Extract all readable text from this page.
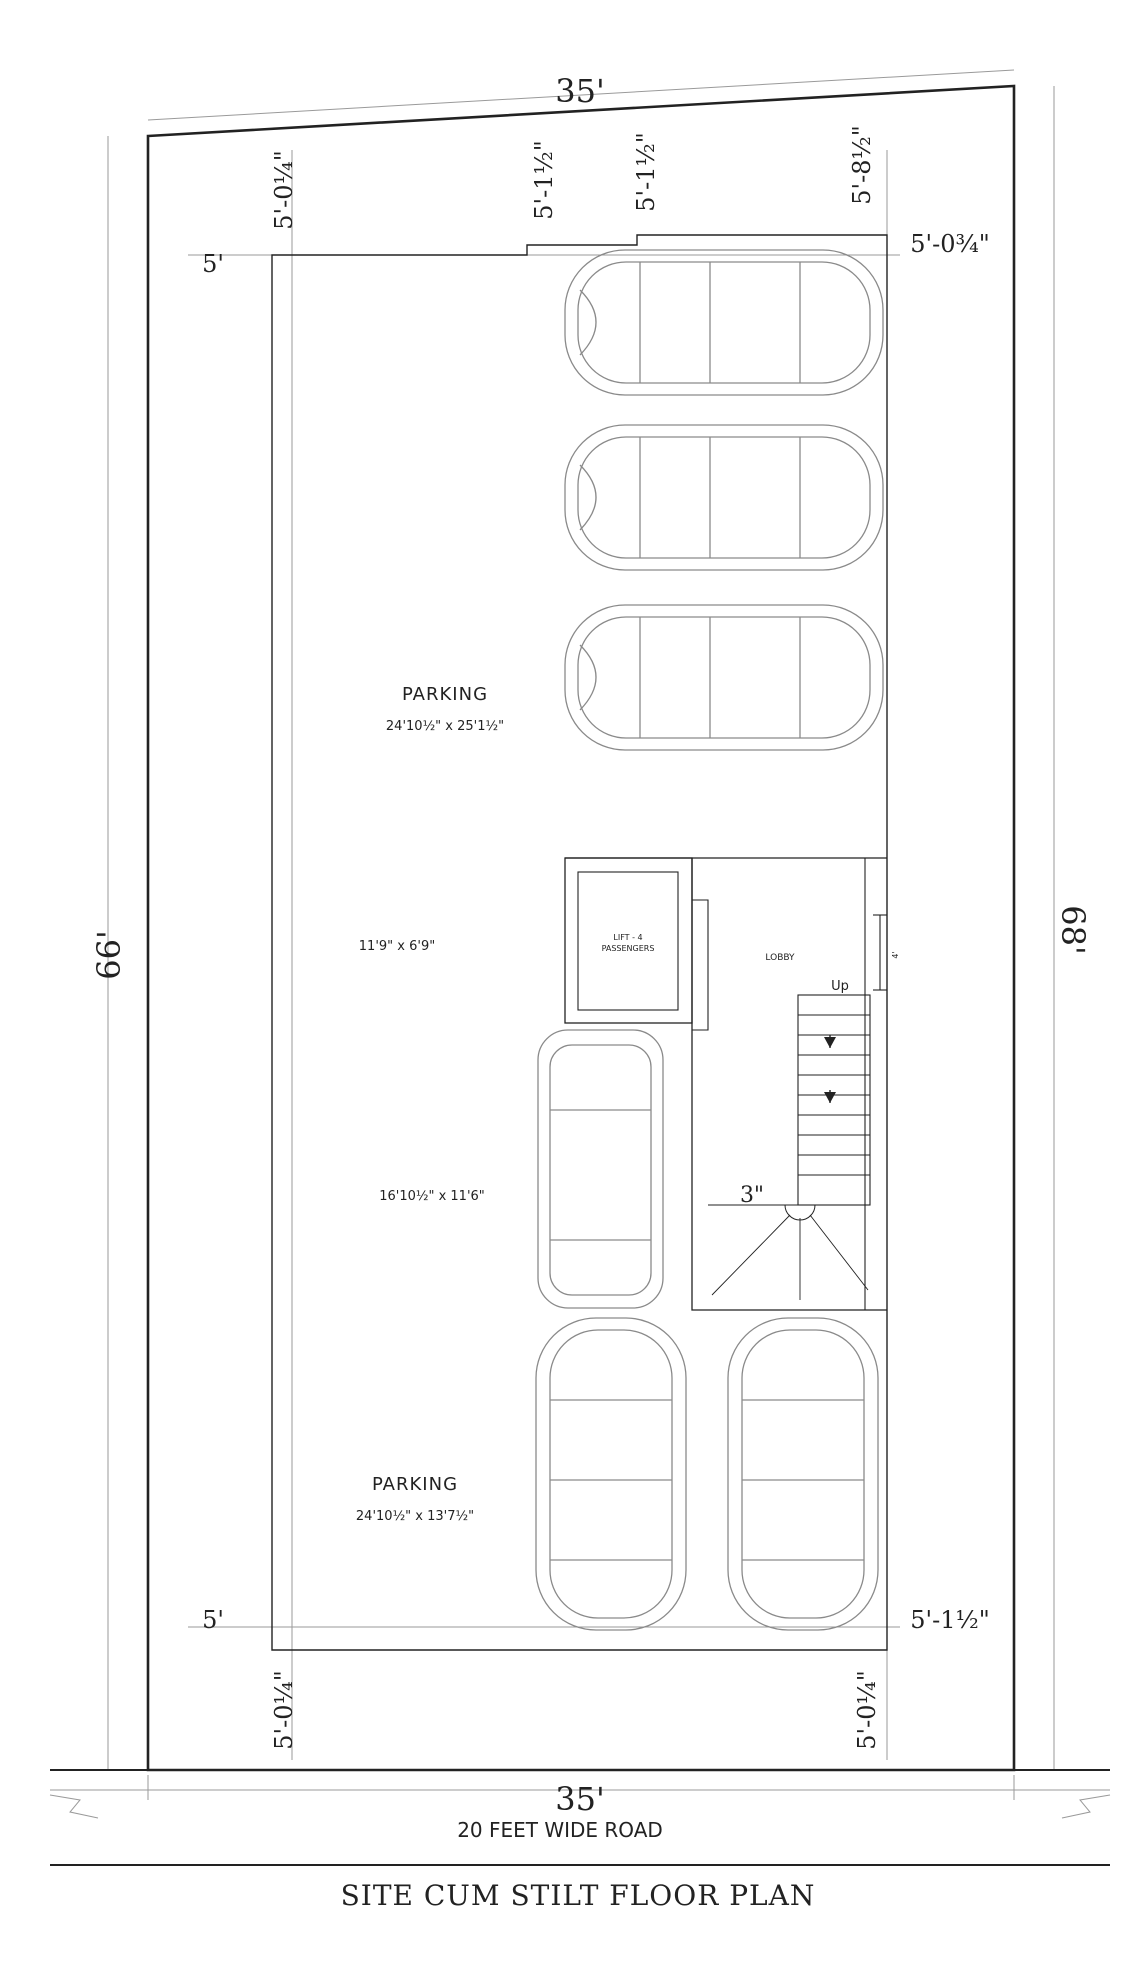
35'
35'
66'
68'
5'-0¼"	5'-1½"	5'-1½"	5'-8½"
5'
5'-0¾"
5'	5'-1½"
5'-0¼"	5'-0¼"
PARKING
24'10½" x 25'1½"
11'9" x 6'9"
16'10½" x 11'6"
PARKING
24'10½" x 13'7½"
LIFT - 4
PASSENGERS
LOBBY
Up
3"
4'
20 FEET WIDE ROAD
SITE CUM STILT FLOOR PLAN
